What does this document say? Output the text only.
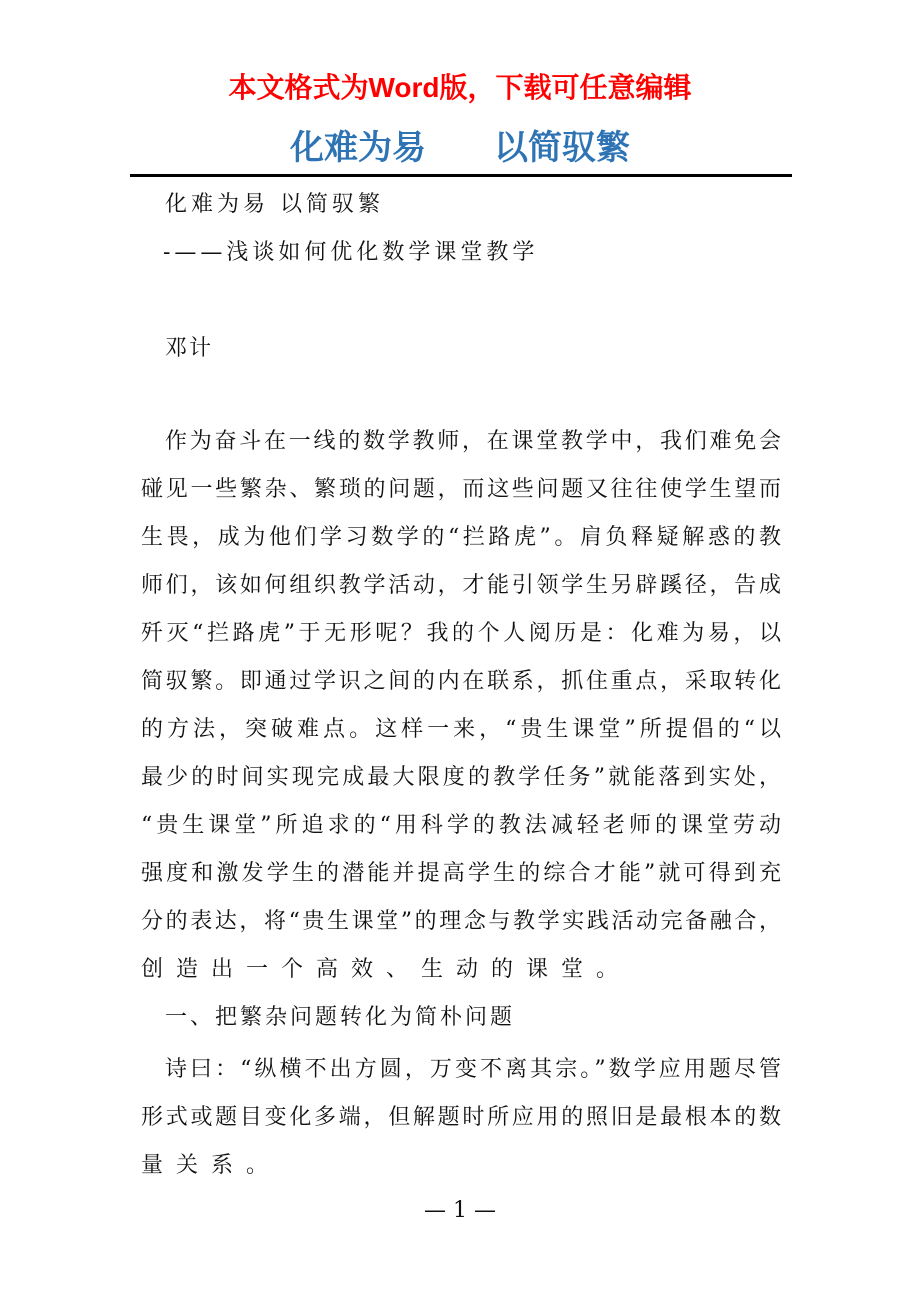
本文格式为Word版，下载可任意编辑
化难为易　　以简驭繁
化难为易 以简驭繁
-——浅谈如何优化数学课堂教学
邓计
作为奋斗在一线的数学教师，在课堂教学中，我们难免会
碰见一些繁杂、繁琐的问题，而这些问题又往往使学生望而
生畏，成为他们学习数学的“拦路虎”。肩负释疑解惑的教
师们，该如何组织教学活动，才能引领学生另辟蹊径，告成
歼灭“拦路虎”于无形呢？我的个人阅历是：化难为易，以
简驭繁。即通过学识之间的内在联系，抓住重点，采取转化
的方法，突破难点。这样一来，“贵生课堂”所提倡的“以
最少的时间实现完成最大限度的教学任务”就能落到实处，
“贵生课堂”所追求的“用科学的教法减轻老师的课堂劳动
强度和激发学生的潜能并提高学生的综合才能”就可得到充
分的表达，将“贵生课堂”的理念与教学实践活动完备融合，
创造出一个高效、生动的课堂。
一、把繁杂问题转化为简朴问题
诗曰：“纵横不出方圆，万变不离其宗。”数学应用题尽管
形式或题目变化多端，但解题时所应用的照旧是最根本的数
量关系。
— 1 —
